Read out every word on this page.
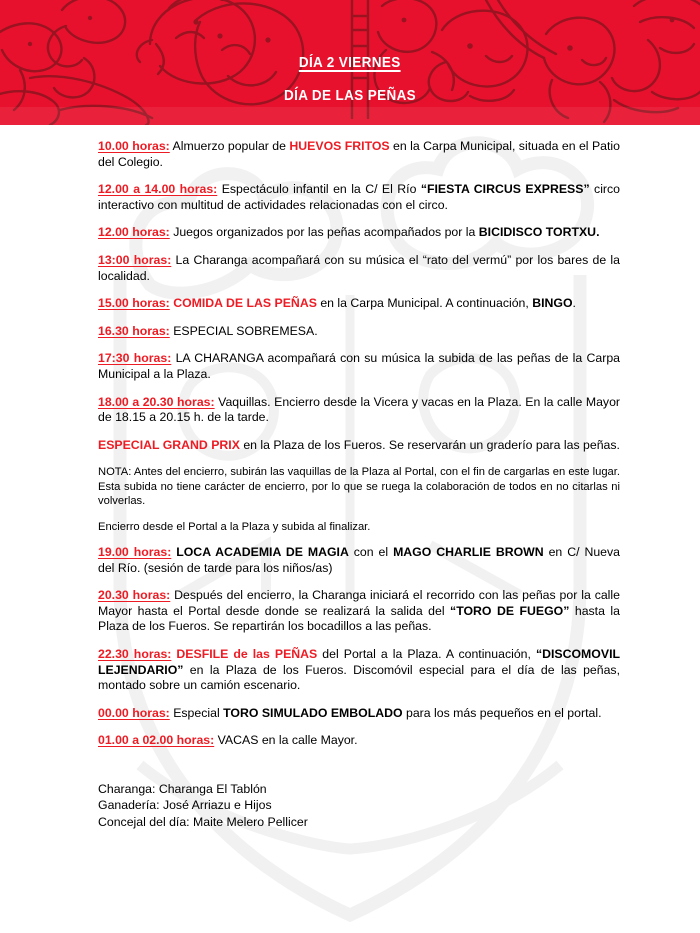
DÍA 2 VIERNES
DÍA DE LAS PEÑAS

10.00 horas: Almuerzo popular de HUEVOS FRITOS en la Carpa Municipal, situada en el Patio del Colegio.

12.00 a 14.00 horas: Espectáculo infantil en la C/ El Río “FIESTA CIRCUS EXPRESS” circo interactivo con multitud de actividades relacionadas con el circo.

12.00 horas: Juegos organizados por las peñas acompañados por la BICIDISCO TORTXU.

13:00 horas: La Charanga acompañará con su música el “rato del vermú” por los bares de la localidad.

15.00 horas: COMIDA DE LAS PEÑAS en la Carpa Municipal. A continuación, BINGO.

16.30 horas: ESPECIAL SOBREMESA.

17:30 horas: LA CHARANGA acompañará con su música la subida de las peñas de la Carpa Municipal a la Plaza.

18.00 a 20.30 horas: Vaquillas. Encierro desde la Vicera y vacas en la Plaza. En la calle Mayor de 18.15 a 20.15 h. de la tarde.

ESPECIAL GRAND PRIX en la Plaza de los Fueros. Se reservarán un graderío para las peñas.

NOTA: Antes del encierro, subirán las vaquillas de la Plaza al Portal, con el fin de cargarlas en este lugar. Esta subida no tiene carácter de encierro, por lo que se ruega la colaboración de todos en no citarlas ni volverlas.

Encierro desde el Portal a la Plaza y subida al finalizar.

19.00 horas: LOCA ACADEMIA DE MAGIA con el MAGO CHARLIE BROWN en C/ Nueva del Río. (sesión de tarde para los niños/as)

20.30 horas: Después del encierro, la Charanga iniciará el recorrido con las peñas por la calle Mayor hasta el Portal desde donde se realizará la salida del “TORO DE FUEGO” hasta la Plaza de los Fueros. Se repartirán los bocadillos a las peñas.

22.30 horas: DESFILE de las PEÑAS del Portal a la Plaza. A continuación, “DISCOMOVIL LEJENDARIO” en la Plaza de los Fueros. Discomóvil especial para el día de las peñas, montado sobre un camión escenario.

00.00 horas: Especial TORO SIMULADO EMBOLADO para los más pequeños en el portal.

01.00 a 02.00 horas: VACAS en la calle Mayor.

Charanga: Charanga El Tablón
Ganadería: José Arriazu e Hijos
Concejal del día: Maite Melero Pellicer
